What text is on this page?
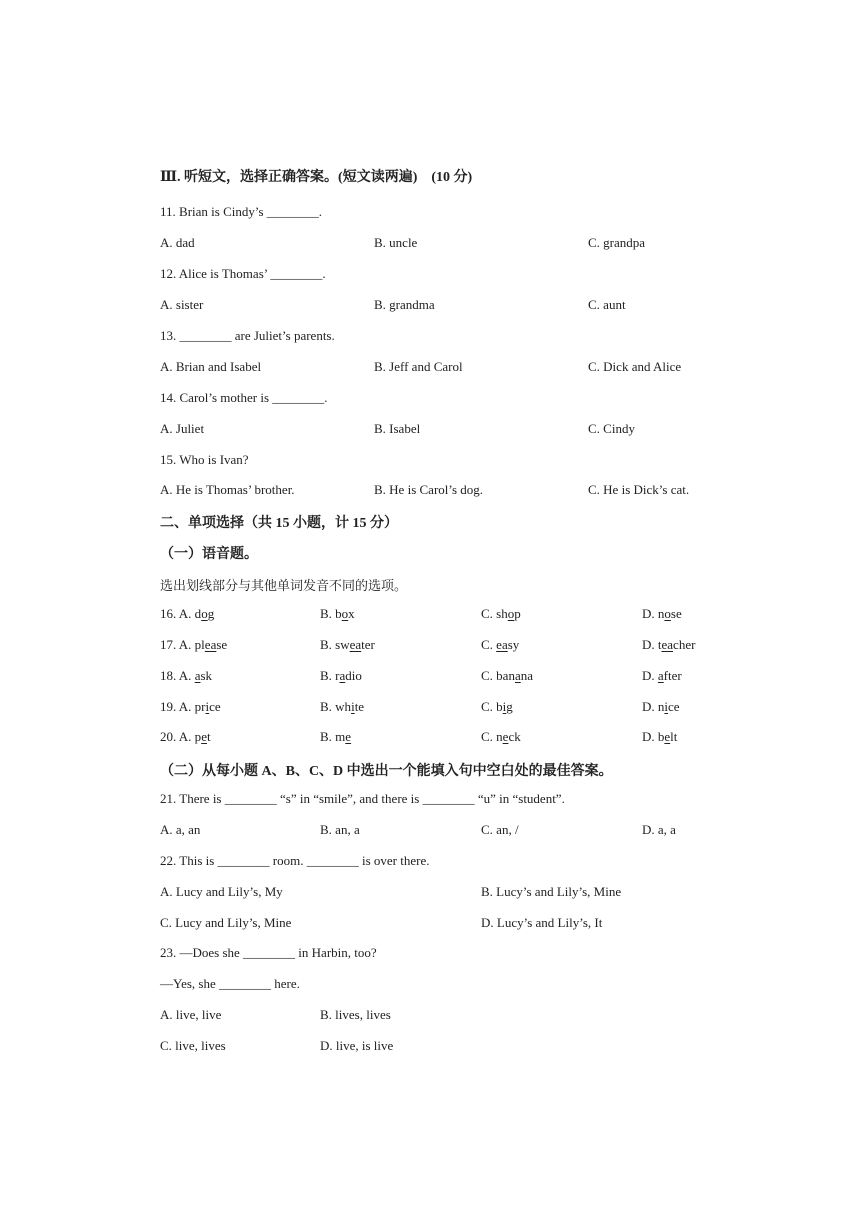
Ⅲ. 听短文，选择正确答案。(短文读两遍)　(10 分)
11. Brian is Cindy’s ________.
A. dad	B. uncle	C. grandpa
12. Alice is Thomas’ ________.
A. sister	B. grandma	C. aunt
13. ________ are Juliet’s parents.
A. Brian and Isabel	B. Jeff and Carol	C. Dick and Alice
14. Carol’s mother is ________.
A. Juliet	B. Isabel	C. Cindy
15. Who is Ivan?
A. He is Thomas’ brother.	B. He is Carol’s dog.	C. He is Dick’s cat.
二、单项选择（共 15 小题，计 15 分）
（一）语音题。
选出划线部分与其他单词发音不同的选项。
16. A. dog	B. box	C. shop	D. nose
17. A. please	B. sweater	C. easy	D. teacher
18. A. ask	B. radio	C. banana	D. after
19. A. price	B. white	C. big	D. nice
20. A. pet	B. me	C. neck	D. belt
（二）从每小题 A、B、C、D 中选出一个能填入句中空白处的最佳答案。
21. There is ________ “s” in “smile”, and there is ________ “u” in “student”.
A. a, an	B. an, a	C. an, /	D. a, a
22. This is ________ room. ________ is over there.
A. Lucy and Lily’s, My	B. Lucy’s and Lily’s, Mine
C. Lucy and Lily’s, Mine	D. Lucy’s and Lily’s, It
23. —Does she ________ in Harbin, too?
—Yes, she ________ here.
A. live, live	B. lives, lives
C. live, lives	D. live, is live
